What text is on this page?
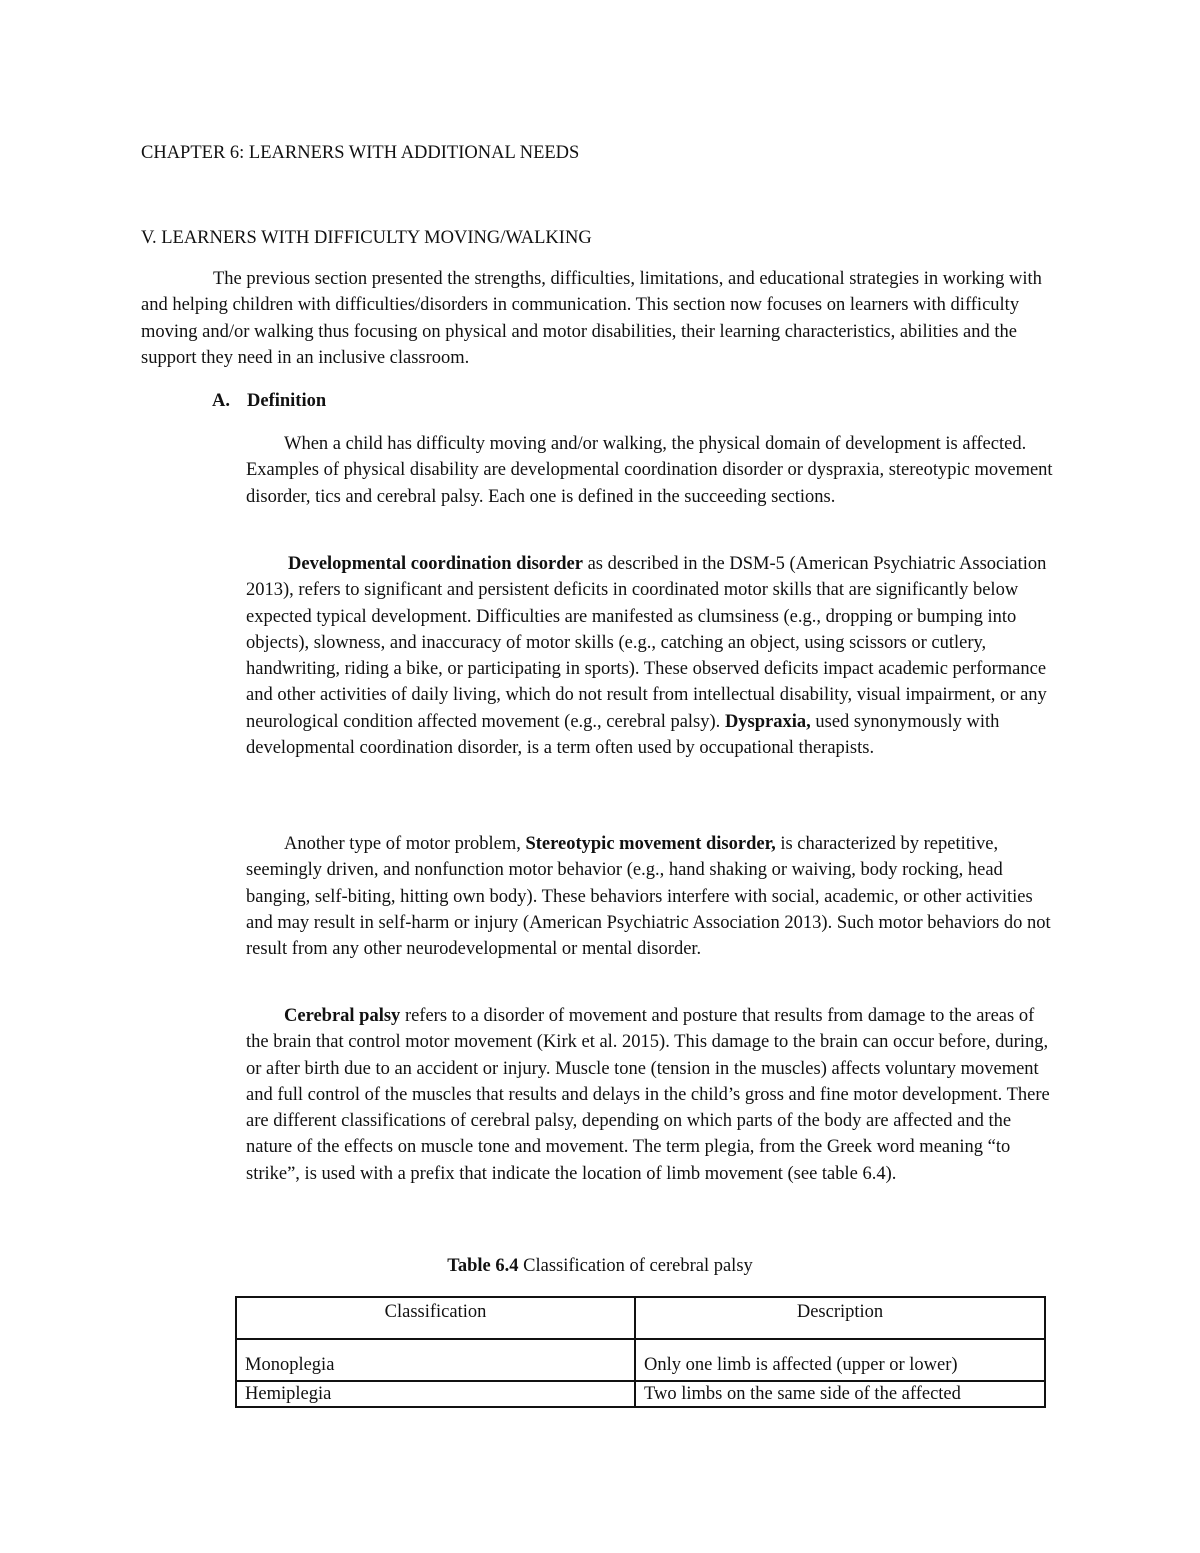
CHAPTER 6: LEARNERS WITH ADDITIONAL NEEDS
V. LEARNERS WITH DIFFICULTY MOVING/WALKING

The previous section presented the strengths, difficulties, limitations, and educational strategies in working with and helping children with difficulties/disorders in communication. This section now focuses on learners with difficulty moving and/or walking thus focusing on physical and motor disabilities, their learning characteristics, abilities and the support they need in an inclusive classroom.

A. Definition

When a child has difficulty moving and/or walking, the physical domain of development is affected. Examples of physical disability are developmental coordination disorder or dyspraxia, stereotypic movement disorder, tics and cerebral palsy. Each one is defined in the succeeding sections.

Developmental coordination disorder as described in the DSM-5 (American Psychiatric Association 2013), refers to significant and persistent deficits in coordinated motor skills that are significantly below expected typical development. Difficulties are manifested as clumsiness (e.g., dropping or bumping into objects), slowness, and inaccuracy of motor skills (e.g., catching an object, using scissors or cutlery, handwriting, riding a bike, or participating in sports). These observed deficits impact academic performance and other activities of daily living, which do not result from intellectual disability, visual impairment, or any neurological condition affected movement (e.g., cerebral palsy). Dyspraxia, used synonymously with developmental coordination disorder, is a term often used by occupational therapists.

Another type of motor problem, Stereotypic movement disorder, is characterized by repetitive, seemingly driven, and nonfunction motor behavior (e.g., hand shaking or waiving, body rocking, head banging, self-biting, hitting own body). These behaviors interfere with social, academic, or other activities and may result in self-harm or injury (American Psychiatric Association 2013). Such motor behaviors do not result from any other neurodevelopmental or mental disorder.

Cerebral palsy refers to a disorder of movement and posture that results from damage to the areas of the brain that control motor movement (Kirk et al. 2015). This damage to the brain can occur before, during, or after birth due to an accident or injury. Muscle tone (tension in the muscles) affects voluntary movement and full control of the muscles that results and delays in the child’s gross and fine motor development. There are different classifications of cerebral palsy, depending on which parts of the body are affected and the nature of the effects on muscle tone and movement. The term plegia, from the Greek word meaning “to strike”, is used with a prefix that indicate the location of limb movement (see table 6.4).

Table 6.4 Classification of cerebral palsy

Classification	Description
Monoplegia	Only one limb is affected (upper or lower)
Hemiplegia	Two limbs on the same side of the affected
